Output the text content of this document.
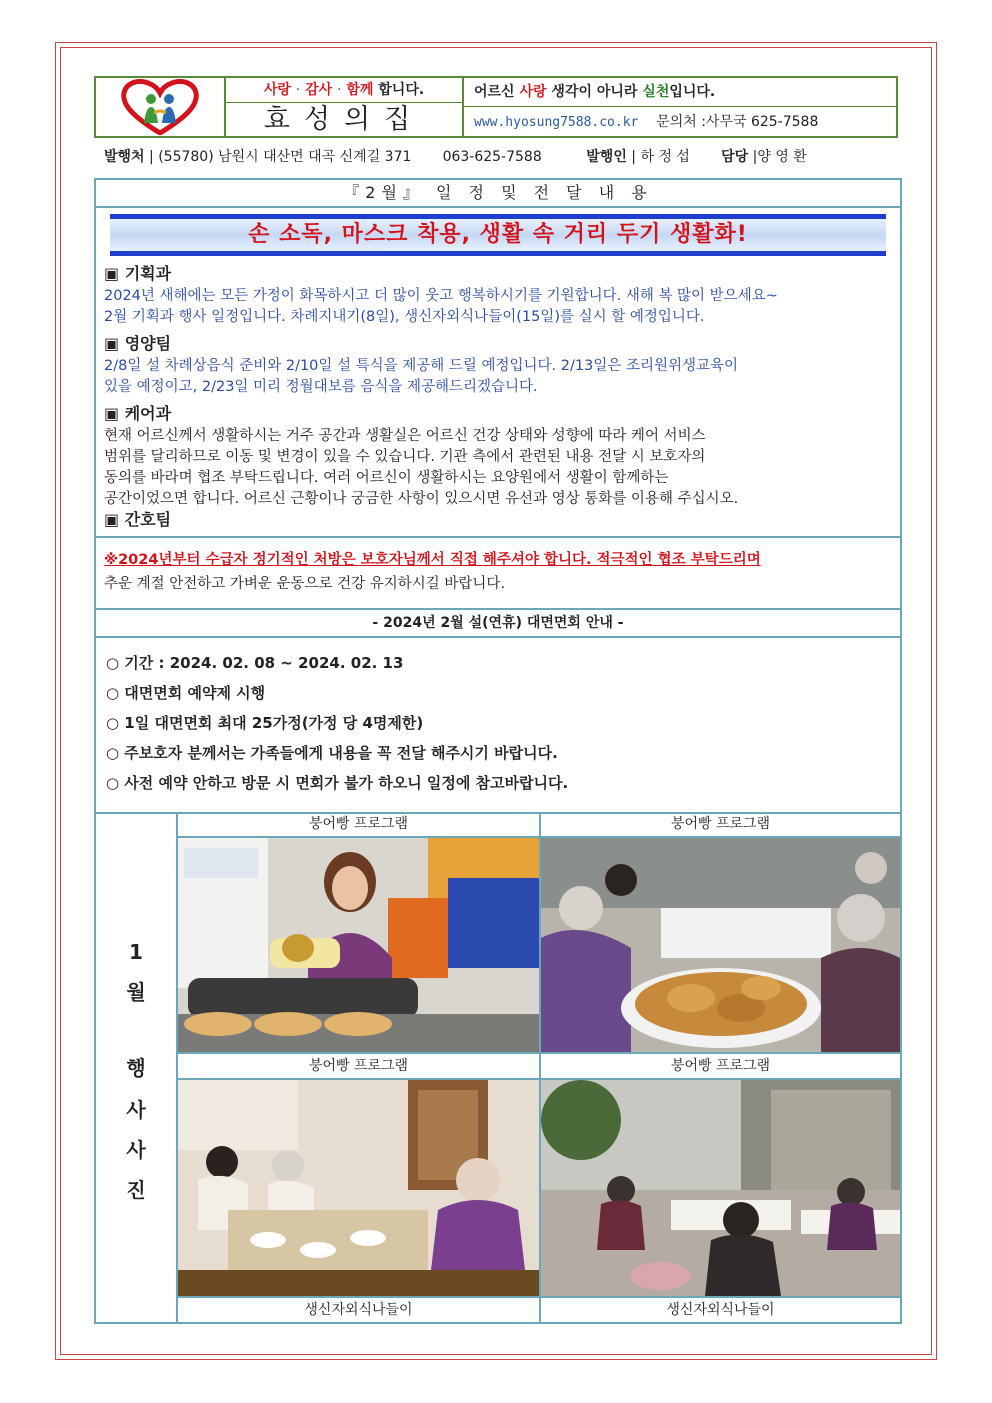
사랑 · 감사 · 함께 합니다.
효성의집
어르신 사랑 생각이 아니라 실천입니다.
www.hyosung7588.co.kr 문의처 :사무국 625-7588
발행처 | (55780) 남원시 대산면 대곡 신계길 371 063-625-7588	발행인 | 하 정 섭 담당 |양 영 환
『2월』 일 정 및 전 달 내 용
손 소독, 마스크 착용, 생활 속 거리 두기 생활화!
▣ 기획과

2024년 새해에는 모든 가정이 화목하시고 더 많이 웃고 행복하시기를 기원합니다. 새해 복 많이 받으세요~

2월 기획과 행사 일정입니다. 차례지내기(8일), 생신자외식나들이(15일)를 실시 할 예정입니다.

▣ 영양팀

2/8일 설 차례상음식 준비와 2/10일 설 특식을 제공해 드릴 예정입니다. 2/13일은 조리원위생교육이

있을 예정이고, 2/23일 미리 정월대보름 음식을 제공해드리겠습니다.

▣ 케어과

현재 어르신께서 생활하시는 거주 공간과 생활실은 어르신 건강 상태와 성향에 따라 케어 서비스

범위를 달리하므로 이동 및 변경이 있을 수 있습니다. 기관 측에서 관련된 내용 전달 시 보호자의

동의를 바라며 협조 부탁드립니다. 여러 어르신이 생활하시는 요양원에서 생활이 함께하는

공간이었으면 합니다. 어르신 근황이나 궁금한 사항이 있으시면 유선과 영상 통화를 이용해 주십시오.

▣ 간호팀
※2024년부터 수급자 정기적인 처방은 보호자님께서 직접 해주셔야 합니다. 적극적인 협조 부탁드리며
추운 계절 안전하고 가벼운 운동으로 건강 유지하시길 바랍니다.
- 2024년 2월 설(연휴) 대면면회 안내 -
○ 기간 : 2024. 02. 08 ~ 2024. 02. 13
○ 대면면회 예약제 시행
○ 1일 대면면회 최대 25가정(가정 당 4명제한)
○ 주보호자 분께서는 가족들에게 내용을 꼭 전달 해주시기 바랍니다.
○ 사전 예약 안하고 방문 시 면회가 불가 하오니 일정에 참고바랍니다.
1
월
행
사
사
진
붕어빵 프로그램	붕어빵 프로그램
붕어빵 프로그램	붕어빵 프로그램
생신자외식나들이	생신자외식나들이
